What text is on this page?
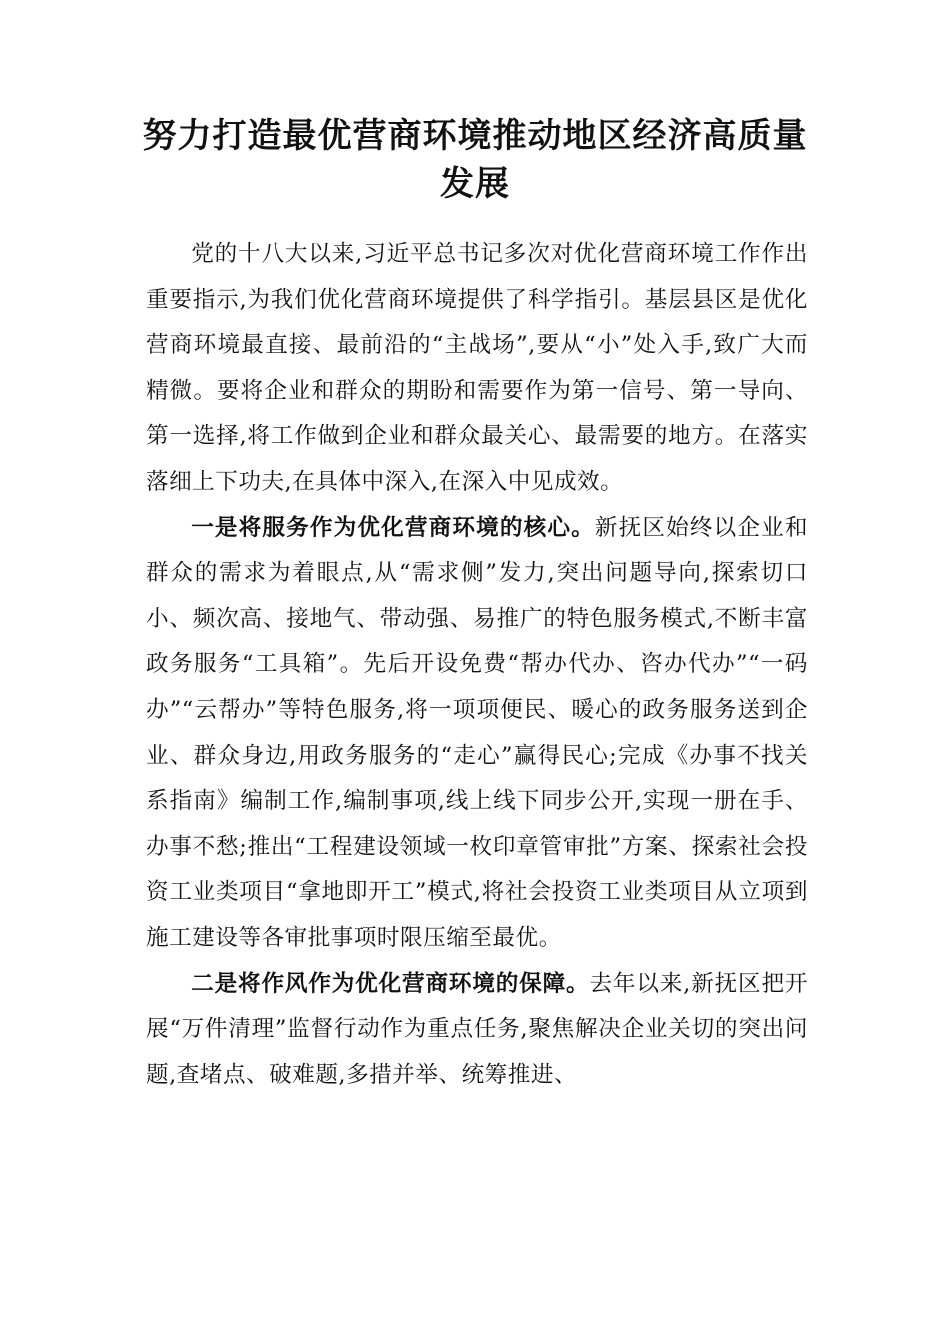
努力打造最优营商环境推动地区经济高质量发展

党的十八大以来,习近平总书记多次对优化营商环境工作作出重要指示,为我们优化营商环境提供了科学指引。基层县区是优化营商环境最直接、最前沿的“主战场”,要从“小”处入手,致广大而精微。要将企业和群众的期盼和需要作为第一信号、第一导向、第一选择,将工作做到企业和群众最关心、最需要的地方。在落实落细上下功夫,在具体中深入,在深入中见成效。

一是将服务作为优化营商环境的核心。新抚区始终以企业和群众的需求为着眼点,从“需求侧”发力,突出问题导向,探索切口小、频次高、接地气、带动强、易推广的特色服务模式,不断丰富政务服务“工具箱”。先后开设免费“帮办代办、咨办代办”“一码办”“云帮办”等特色服务,将一项项便民、暖心的政务服务送到企业、群众身边,用政务服务的“走心”赢得民心;完成《办事不找关系指南》编制工作,编制事项,线上线下同步公开,实现一册在手、办事不愁;推出“工程建设领域一枚印章管审批”方案、探索社会投资工业类项目“拿地即开工”模式,将社会投资工业类项目从立项到施工建设等各审批事项时限压缩至最优。

二是将作风作为优化营商环境的保障。去年以来,新抚区把开展“万件清理”监督行动作为重点任务,聚焦解决企业关切的突出问题,查堵点、破难题,多措并举、统筹推进、
